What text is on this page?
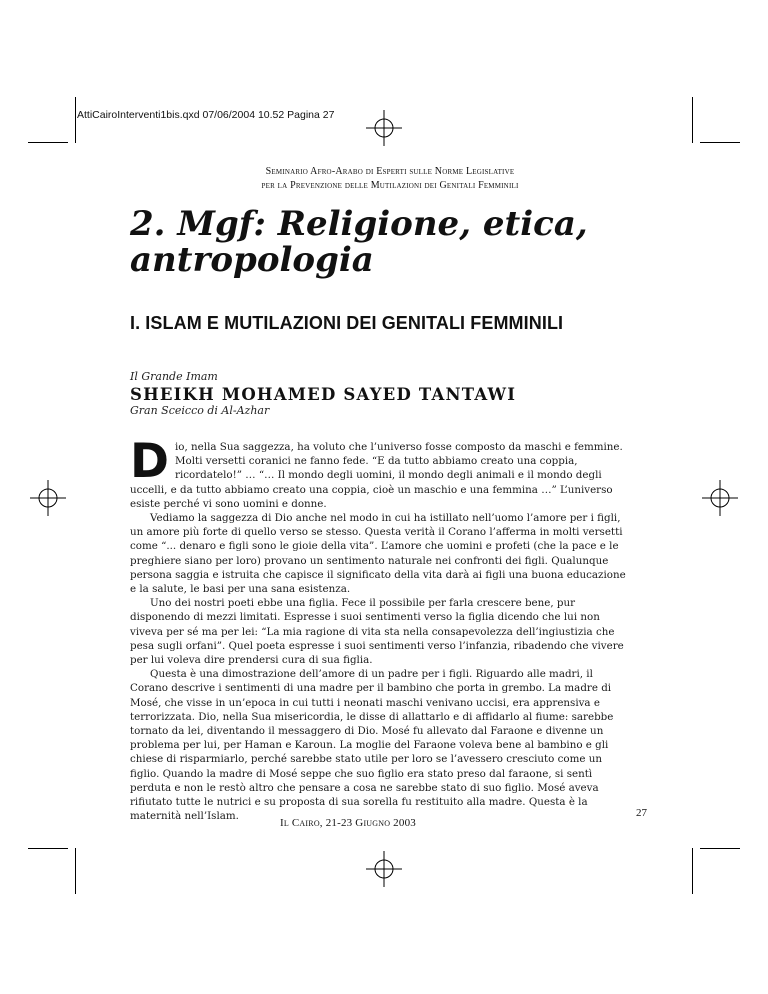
AttiCairoInterventi1bis.qxd 07/06/2004 10.52 Pagina 27
Seminario Afro-Arabo di Esperti sulle Norme Legislative
per la Prevenzione delle Mutilazioni dei Genitali Femminili
2. Mgf: Religione, etica,
antropologia
I. ISLAM E MUTILAZIONI DEI GENITALI FEMMINILI
Il Grande Imam
SHEIKH MOHAMED SAYED TANTAWI
Gran Sceicco di Al-Azhar

Dio, nella Sua saggezza, ha voluto che l’universo fosse composto da maschi e femmine. Molti versetti coranici ne fanno fede. “E da tutto abbiamo creato una coppia, ricordatelo!” … “… Il mondo degli uomini, il mondo degli animali e il mondo degli uccelli, e da tutto abbiamo creato una coppia, cioè un maschio e una femmina …” L’universo esiste perché vi sono uomini e donne.

Vediamo la saggezza di Dio anche nel modo in cui ha istillato nell’uomo l’amore per i figli, un amore più forte di quello verso se stesso. Questa verità il Corano l’afferma in molti versetti come “... denaro e figli sono le gioie della vita”. L’amore che uomini e profeti (che la pace e le preghiere siano per loro) provano un sentimento naturale nei confronti dei figli. Qualunque persona saggia e istruita che capisce il significato della vita darà ai figli una buona educazione e la salute, le basi per una sana esistenza.

Uno dei nostri poeti ebbe una figlia. Fece il possibile per farla crescere bene, pur disponendo di mezzi limitati. Espresse i suoi sentimenti verso la figlia dicendo che lui non viveva per sé ma per lei: “La mia ragione di vita sta nella consapevolezza dell’ingiustizia che pesa sugli orfani”. Quel poeta espresse i suoi sentimenti verso l’infanzia, ribadendo che vivere per lui voleva dire prendersi cura di sua figlia.

Questa è una dimostrazione dell’amore di un padre per i figli. Riguardo alle madri, il Corano descrive i sentimenti di una madre per il bambino che porta in grembo. La madre di Mosé, che visse in un’epoca in cui tutti i neonati maschi venivano uccisi, era apprensiva e terrorizzata. Dio, nella Sua misericordia, le disse di allattarlo e di affidarlo al fiume: sarebbe tornato da lei, diventando il messaggero di Dio. Mosé fu allevato dal Faraone e divenne un problema per lui, per Haman e Karoun. La moglie del Faraone voleva bene al bambino e gli chiese di risparmiarlo, perché sarebbe stato utile per loro se l’avessero cresciuto come un figlio. Quando la madre di Mosé seppe che suo figlio era stato preso dal faraone, si sentì perduta e non le restò altro che pensare a cosa ne sarebbe stato di suo figlio. Mosé aveva rifiutato tutte le nutrici e su proposta di sua sorella fu restituito alla madre. Questa è la maternità nell’Islam.

Il Cairo, 21-23 Giugno 2003
27
